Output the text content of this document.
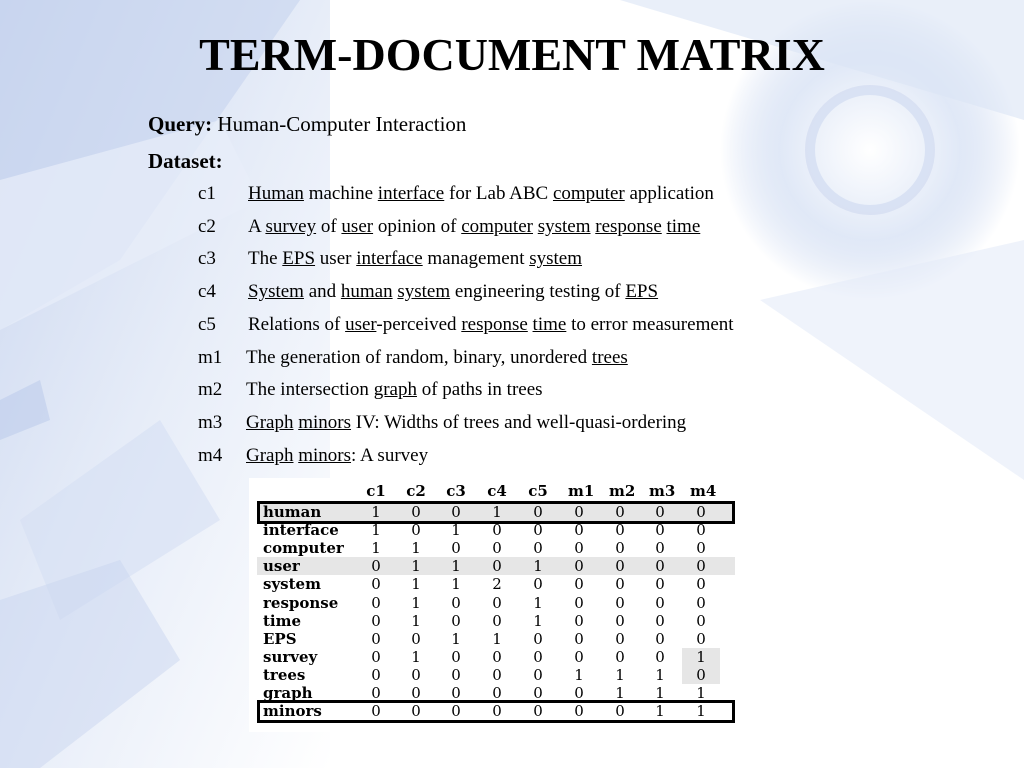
TERM-DOCUMENT MATRIX
Query: Human-Computer Interaction
Dataset:
c1 Human machine interface for Lab ABC computer application
c2 A survey of user opinion of computer system response time
c3 The EPS user interface management system
c4 System and human system engineering testing of EPS
c5 Relations of user-perceived response time to error measurement
m1 The generation of random, binary, unordered trees
m2 The intersection graph of paths in trees
m3 Graph minors IV: Widths of trees and well-quasi-ordering
m4 Graph minors: A survey
c1 c2 c3 c4 c5 m1 m2 m3 m4
human	1	0	0	1	0	0	0	0	0
interface	1	0	1	0	0	0	0	0	0
computer	1	1	0	0	0	0	0	0	0
user	0	1	1	0	1	0	0	0	0
system	0	1	1	2	0	0	0	0	0
response	0	1	0	0	1	0	0	0	0
time	0	1	0	0	1	0	0	0	0
EPS	0	0	1	1	0	0	0	0	0
survey	0	1	0	0	0	0	0	0	1
trees	0	0	0	0	0	1	1	1	0
graph	0	0	0	0	0	0	1	1	1
minors	0	0	0	0	0	0	0	1	1
